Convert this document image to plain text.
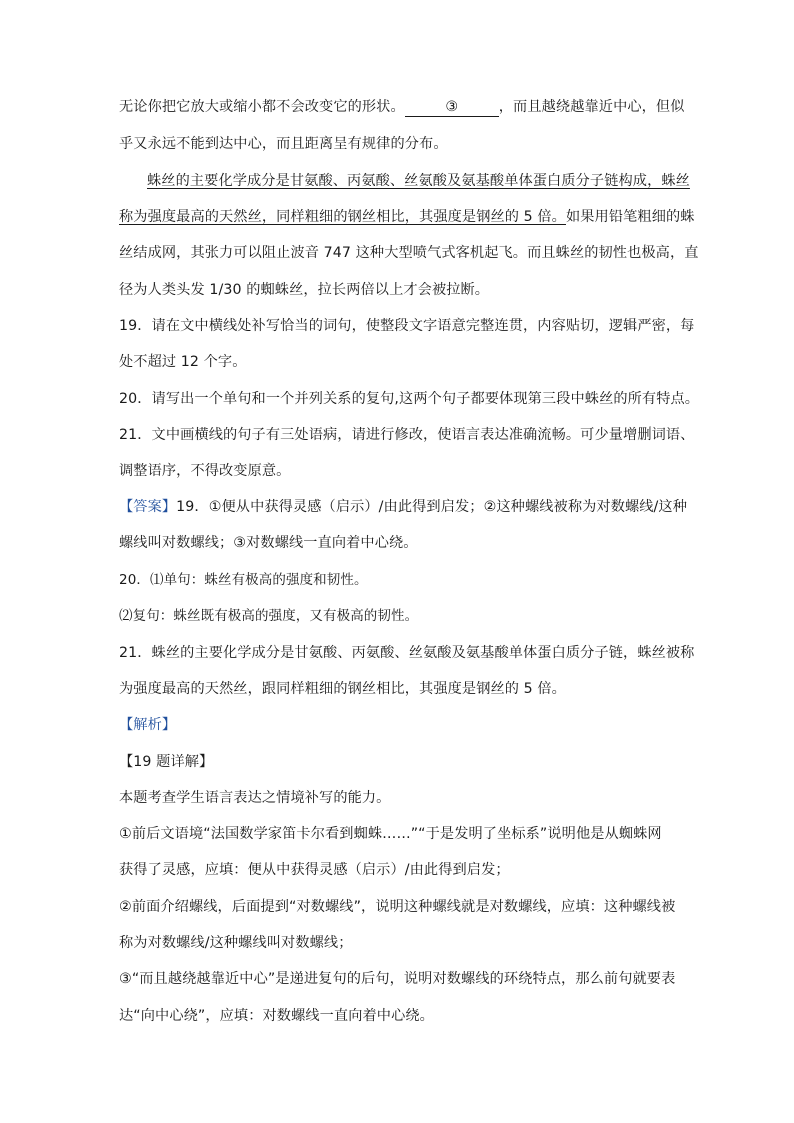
无论你把它放大或缩小都不会改变它的形状。	③	，而且越绕越靠近中心，但似
乎又永远不能到达中心，而且距离呈有规律的分布。
蛛丝的主要化学成分是甘氨酸、丙氨酸、丝氨酸及氨基酸单体蛋白质分子链构成，蛛丝
称为强度最高的天然丝，同样粗细的钢丝相比，其强度是钢丝的 5 倍。如果用铅笔粗细的蛛
丝结成网，其张力可以阻止波音 747 这种大型喷气式客机起飞。而且蛛丝的韧性也极高，直
径为人类头发 1/30 的蜘蛛丝，拉长两倍以上才会被拉断。
19．请在文中横线处补写恰当的词句，使整段文字语意完整连贯，内容贴切，逻辑严密，每
处不超过 12 个字。
20．请写出一个单句和一个并列关系的复句,这两个句子都要体现第三段中蛛丝的所有特点。
21．文中画横线的句子有三处语病，请进行修改，使语言表达准确流畅。可少量增删词语、
调整语序，不得改变原意。
【答案】19．①便从中获得灵感（启示）/由此得到启发；②这种螺线被称为对数螺线/这种
螺线叫对数螺线；③对数螺线一直向着中心绕。
20．⑴单句：蛛丝有极高的强度和韧性。
⑵复句：蛛丝既有极高的强度，又有极高的韧性。
21．蛛丝的主要化学成分是甘氨酸、丙氨酸、丝氨酸及氨基酸单体蛋白质分子链，蛛丝被称
为强度最高的天然丝，跟同样粗细的钢丝相比，其强度是钢丝的 5 倍。
【解析】
【19 题详解】
本题考查学生语言表达之情境补写的能力。
①前后文语境“法国数学家笛卡尔看到蜘蛛……”“于是发明了坐标系”说明他是从蜘蛛网
获得了灵感，应填：便从中获得灵感（启示）/由此得到启发；
②前面介绍螺线，后面提到“对数螺线”，说明这种螺线就是对数螺线，应填：这种螺线被
称为对数螺线/这种螺线叫对数螺线；
③“而且越绕越靠近中心”是递进复句的后句，说明对数螺线的环绕特点，那么前句就要表
达“向中心绕”，应填：对数螺线一直向着中心绕。
